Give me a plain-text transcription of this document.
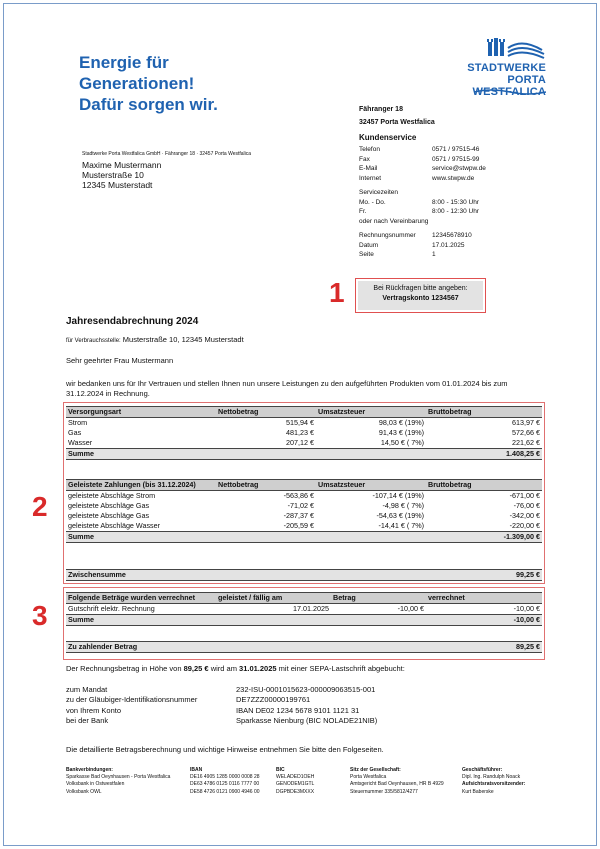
Energie für
Generationen!
Dafür sorgen wir.
STADTWERKE
PORTA WESTFALICA
Fähranger 18
32457 Porta Westfalica
Stadtwerke Porta Westfalica GmbH · Fähranger 18 · 32457 Porta Westfalica
Maxime Mustermann
Musterstraße 10
12345 Musterstadt
Kundenservice
Telefon	0571 / 97515-46
Fax	0571 / 97515-99
E-Mail	service@stwpw.de
Internet	www.stwpw.de
Servicezeiten
Mo. - Do.	8:00 - 15:30 Uhr
Fr.	8:00 - 12:30 Uhr
oder nach Vereinbarung
Rechnungsnummer	12345678910
Datum	17.01.2025
Seite	1
1	Bei Rückfragen bitte angeben:
Vertragskonto 1234567
Jahresendabrechnung 2024
für Verbrauchsstelle: Musterstraße 10, 12345 Musterstadt
Sehr geehrter Frau Mustermann
wir bedanken uns für Ihr Vertrauen und stellen Ihnen nun unsere Leistungen zu den aufgeführten Produkten vom 01.01.2024 bis zum 31.12.2024 in Rechnung.
2
Versorgungsart	Nettobetrag	Umsatzsteuer	Bruttobetrag
Strom	515,94 €	98,03 € (19%)	613,97 €
Gas	481,23 €	91,43 € (19%)	572,66 €
Wasser	207,12 €	14,50 € ( 7%)	221,62 €
Summe			1.408,25 €
Geleistete Zahlungen (bis 31.12.2024)	Nettobetrag	Umsatzsteuer	Bruttobetrag
geleistete Abschläge Strom	-563,86 €	-107,14 € (19%)	-671,00 €
geleistete Abschläge Gas	-71,02 €	-4,98 € ( 7%)	-76,00 €
geleistete Abschläge Gas	-287,37 €	-54,63 € (19%)	-342,00 €
geleistete Abschläge Wasser	-205,59 €	-14,41 € ( 7%)	-220,00 €
Summe			-1.309,00 €
Zwischensumme	99,25 €
3
Folgende Beträge wurden verrechnet	geleistet / fällig am	Betrag	verrechnet
Gutschrift elektr. Rechnung	17.01.2025	-10,00 €	-10,00 €
Summe			-10,00 €
Zu zahlender Betrag	89,25 €
Der Rechnungsbetrag in Höhe von 89,25 € wird am 31.01.2025 mit einer SEPA-Lastschrift abgebucht:
zum Mandat	232-ISU-0001015623-000009063515-001
zu der Gläubiger-Identifikationsnummer	DE7ZZZ00000199761
von Ihrem Konto	IBAN DE02 1234 5678 9101 1121 31
bei der Bank	Sparkasse Nienburg (BIC NOLADE21NIB)
Die detaillierte Betragsberechnung und wichtige Hinweise entnehmen Sie bitte den Folgeseiten.
Bankverbindungen:
Sparkasse Bad Oeynhausen - Porta Westfalica
Volksbank in Ostwestfalen
Volksbank OWL
IBAN
DE16 4905 1285 0000 0008 28
DE63 4786 0125 0116 7777 00
DE58 4726 0121 0900 4946 00
BIC
WELADED1OEH
GENODEM1GTL
DGPBDE3MXXX
Sitz der Gesellschaft:
Porta Westfalica
Amtsgericht Bad Oeynhausen, HR B 4929
Steuernummer 335/5812/4277
Geschäftsführer:
Dipl. Ing. Randulph Noack
Aufsichtsratsvorsitzender:
Kurt Baberske
